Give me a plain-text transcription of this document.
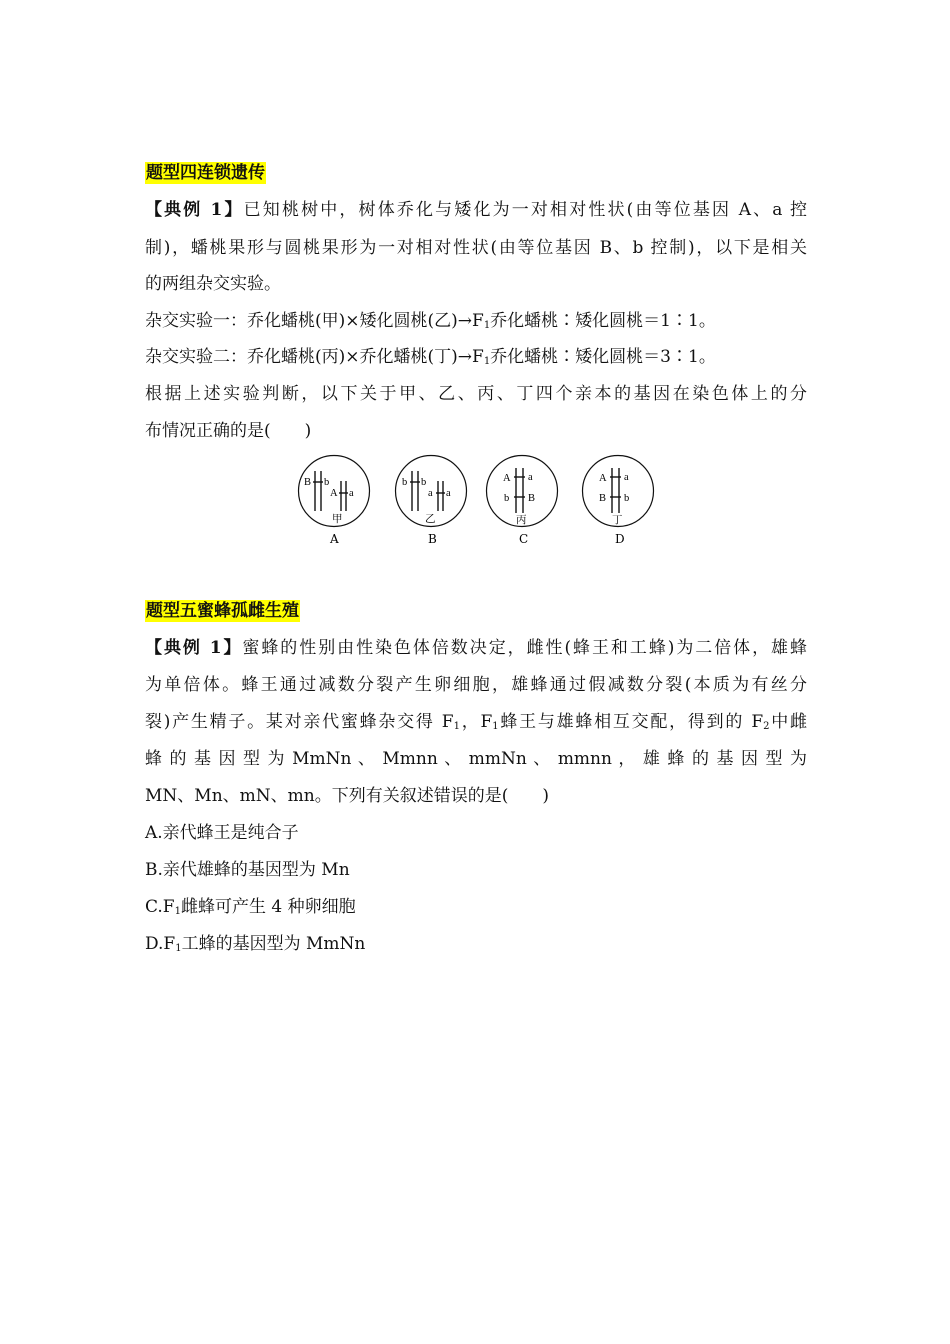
题型四连锁遗传
【典例 1】已知桃树中，树体乔化与矮化为一对相对性状(由等位基因 A、a 控
制)，蟠桃果形与圆桃果形为一对相对性状(由等位基因 B、b 控制)，以下是相关
的两组杂交实验。
杂交实验一：乔化蟠桃(甲)×矮化圆桃(乙)$\to F_1$乔化蟠桃∶矮化圆桃＝1∶1。
杂交实验二：乔化蟠桃(丙)×乔化蟠桃(丁)$\to F_1$乔化蟠桃∶矮化圆桃＝3∶1。
根据上述实验判断，以下关于甲、乙、丙、丁四个亲本的基因在染色体上的分
布情况正确的是(　　)
B b
A a
甲
A
b b
a a
乙
B
A a
b B
丙
C
A a
B b
丁
D
题型五蜜蜂孤雌生殖
【典例 1】蜜蜂的性别由性染色体倍数决定，雌性(蜂王和工蜂)为二倍体，雄蜂
为单倍体。蜂王通过减数分裂产生卵细胞，雄蜂通过假减数分裂(本质为有丝分
裂)产生精子。某对亲代蜜蜂杂交得 $F_1$，$F_1$蜂王与雄蜂相互交配，得到的 $F_2$中雌
蜂 的 基 因 型 为 MmNn 、 Mmnn 、 mmNn 、 mmnn ， 雄 蜂 的 基 因 型 为
MN、Mn、mN、mn。下列有关叙述错误的是(　　)
A.亲代蜂王是纯合子
B.亲代雄蜂的基因型为 Mn
$C.F_1$雌蜂可产生 4 种卵细胞
$D.F_1$工蜂的基因型为 MmNn
